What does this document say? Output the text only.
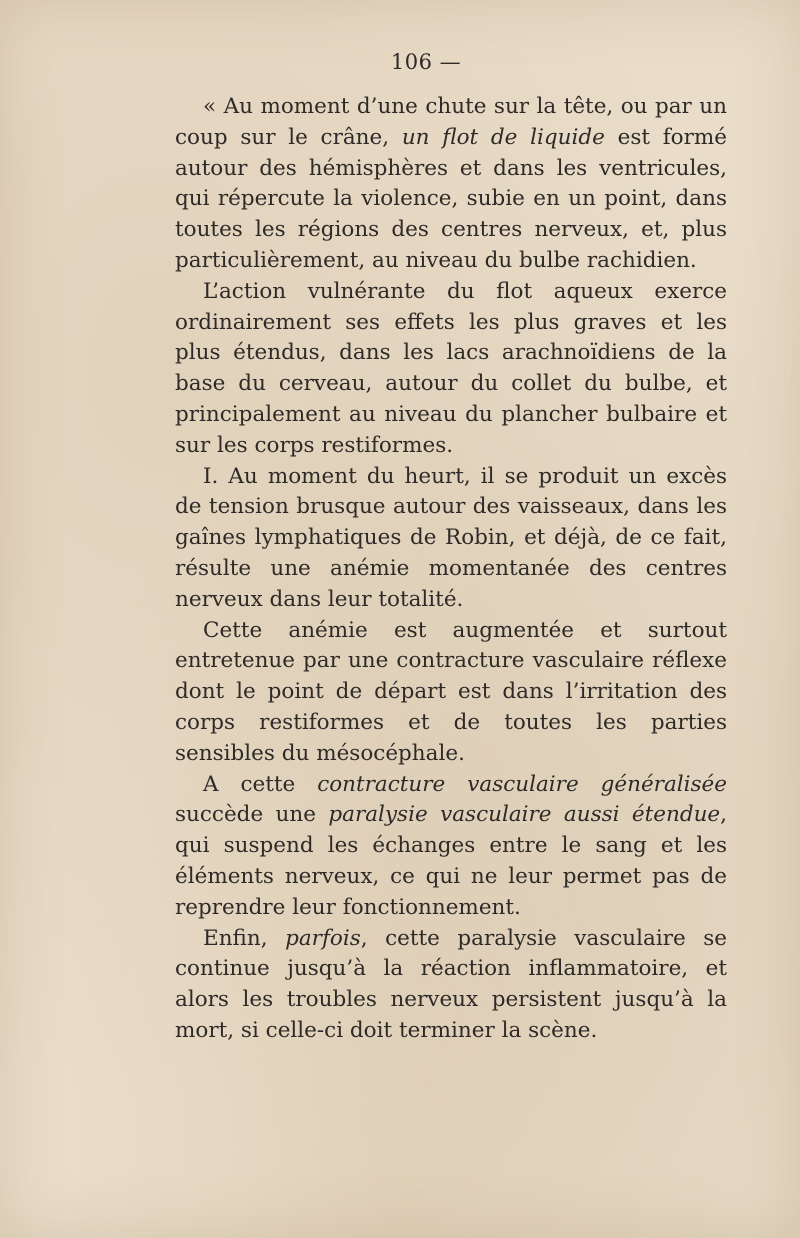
106 —

« Au moment d’une chute sur la tête, ou par un coup sur le crâne, un flot de liquide est formé autour des hémisphères et dans les ventricules, qui répercute la violence, subie en un point, dans toutes les régions des centres nerveux, et, plus particulièrement, au niveau du bulbe rachidien.

L’action vulnérante du flot aqueux exerce ordinairement ses effets les plus graves et les plus étendus, dans les lacs arachnoïdiens de la base du cerveau, autour du collet du bulbe, et principalement au niveau du plancher bulbaire et sur les corps restiformes.

I. Au moment du heurt, il se produit un excès de tension brusque autour des vaisseaux, dans les gaînes lymphatiques de Robin, et déjà, de ce fait, résulte une anémie momentanée des centres nerveux dans leur totalité.

Cette anémie est augmentée et surtout entretenue par une contracture vasculaire réflexe dont le point de départ est dans l’irritation des corps restiformes et de toutes les parties sensibles du mésocéphale.

A cette contracture vasculaire généralisée succède une paralysie vasculaire aussi étendue, qui suspend les échanges entre le sang et les éléments nerveux, ce qui ne leur permet pas de reprendre leur fonctionnement.

Enfin, parfois, cette paralysie vasculaire se continue jusqu’à la réaction inflammatoire, et alors les troubles nerveux persistent jusqu’à la mort, si celle-ci doit terminer la scène.
